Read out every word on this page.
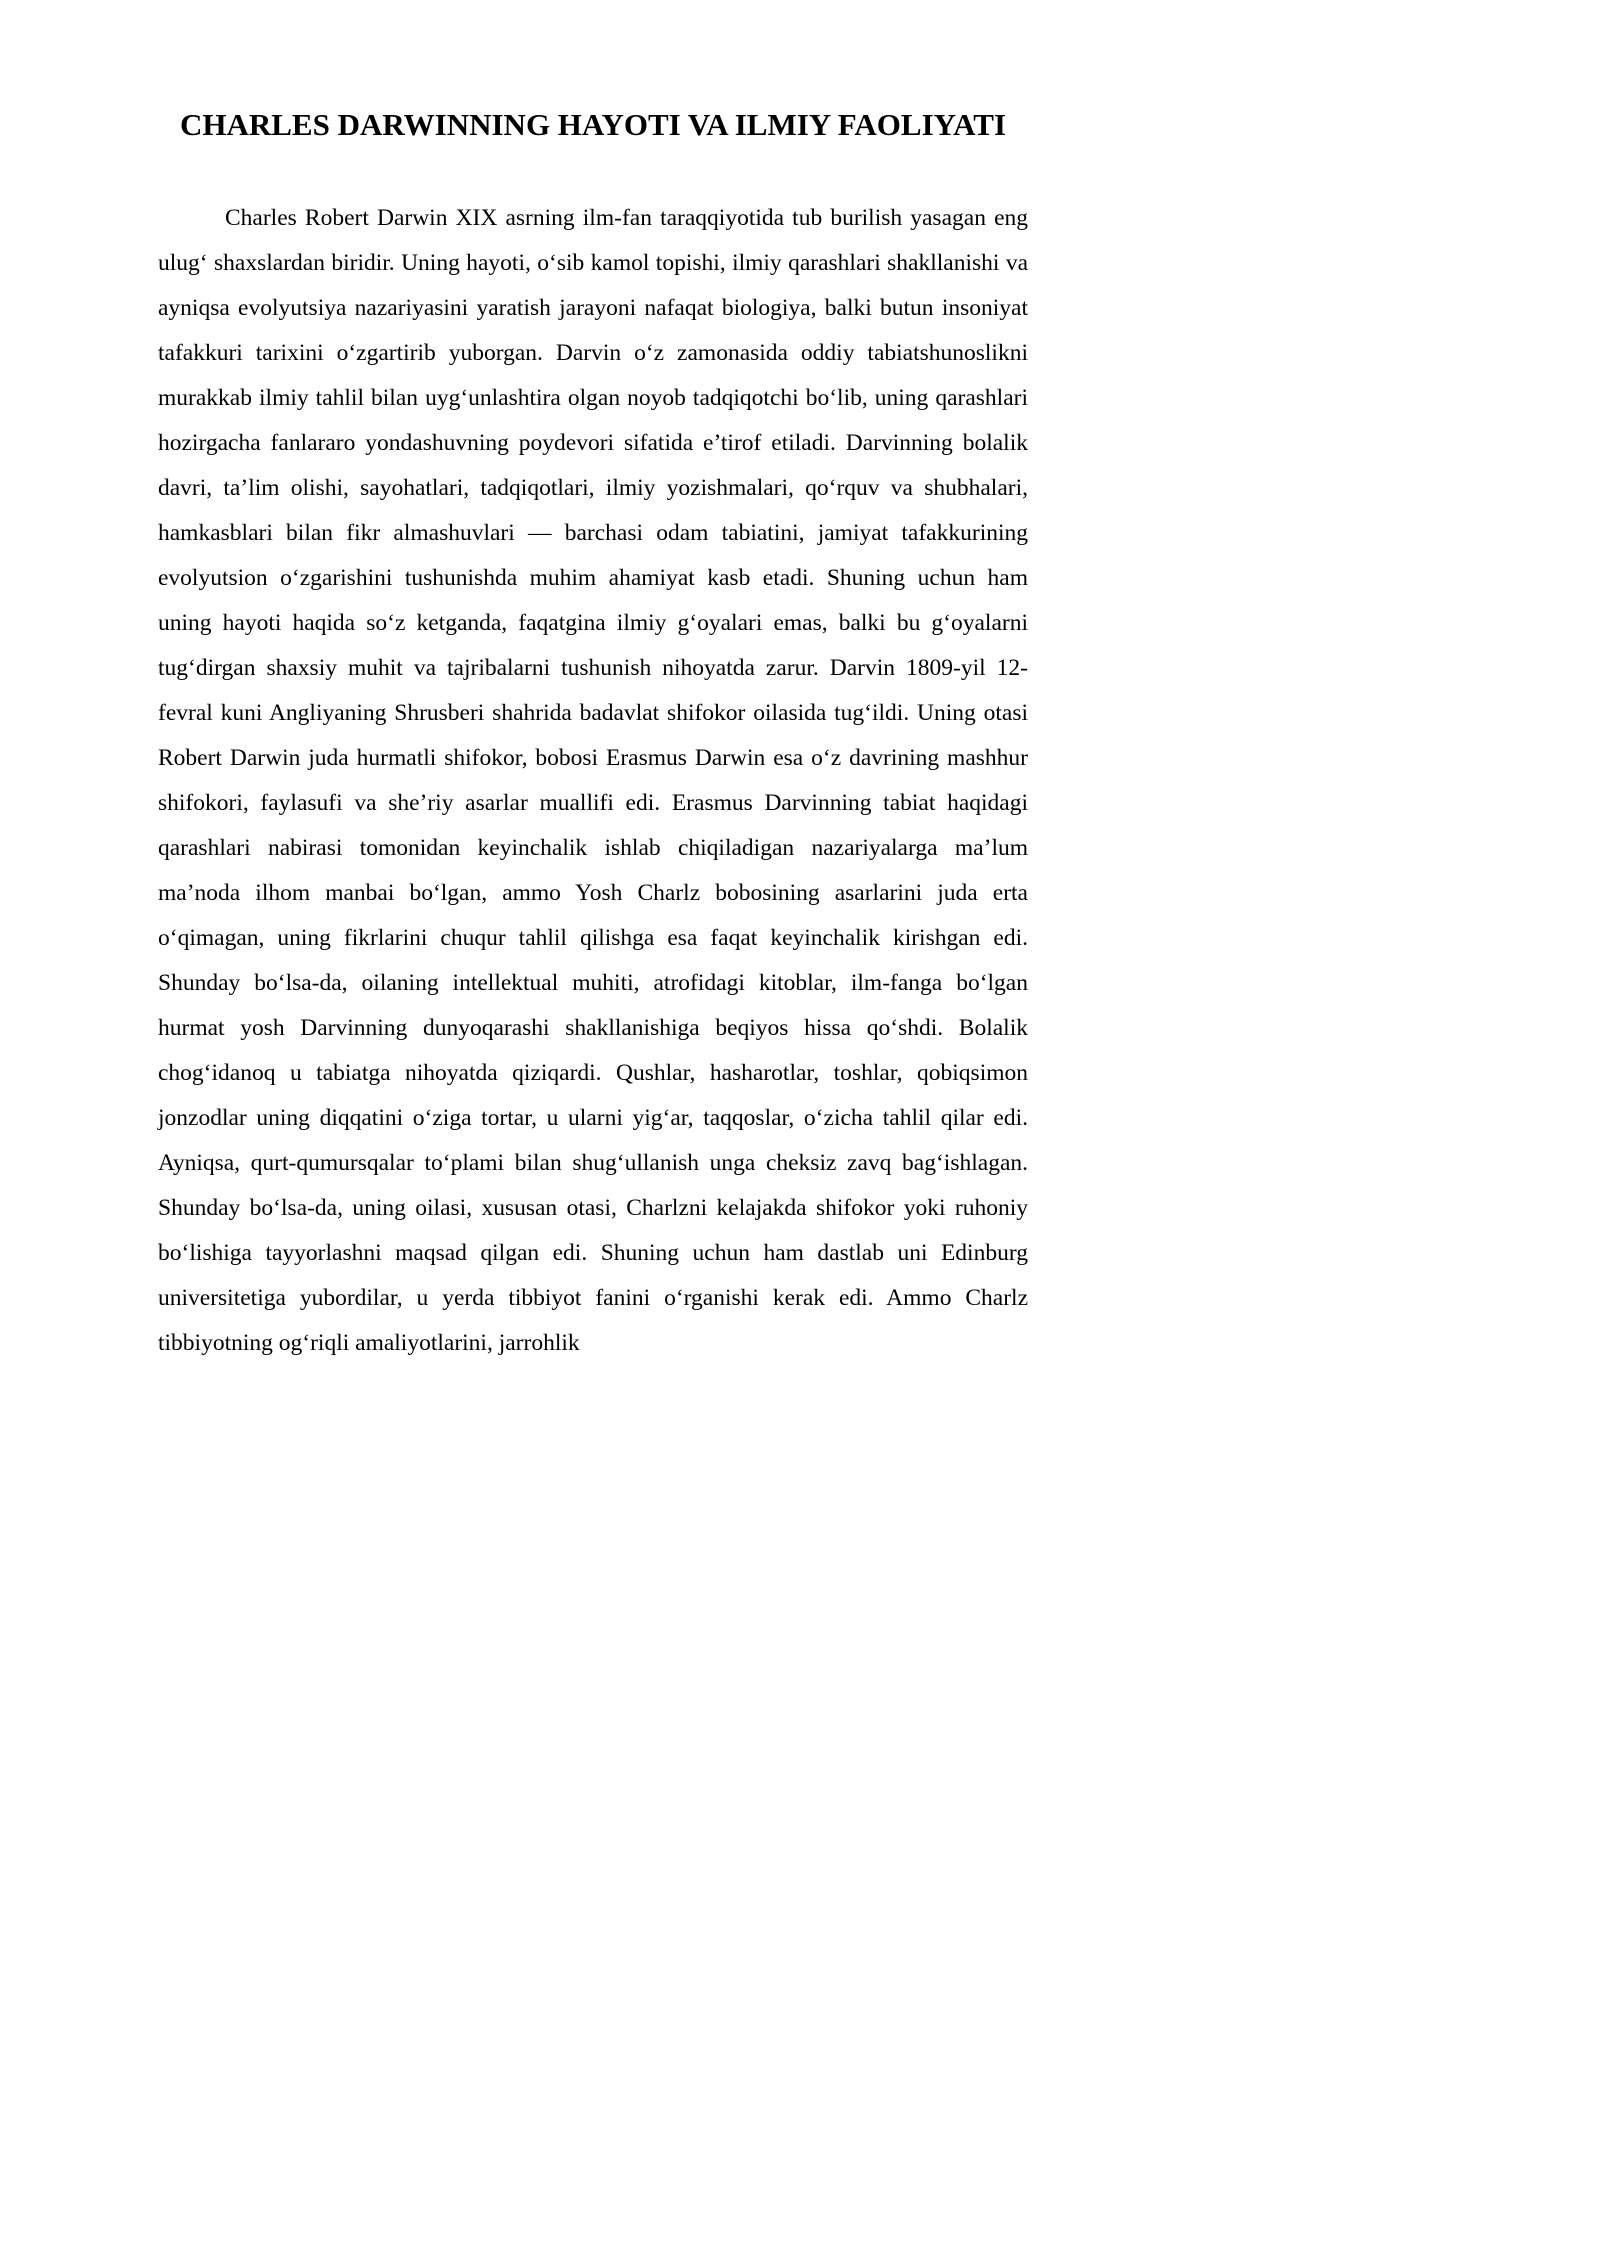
CHARLES DARWINNING HAYOTI VA ILMIY FAOLIYATI

Charles Robert Darwin XIX asrning ilm-fan taraqqiyotida tub burilish yasagan eng ulug‘ shaxslardan biridir. Uning hayoti, o‘sib kamol topishi, ilmiy qarashlari shakllanishi va ayniqsa evolyutsiya nazariyasini yaratish jarayoni nafaqat biologiya, balki butun insoniyat tafakkuri tarixini o‘zgartirib yuborgan. Darvin o‘z zamonasida oddiy tabiatshunoslikni murakkab ilmiy tahlil bilan uyg‘unlashtira olgan noyob tadqiqotchi bo‘lib, uning qarashlari hozirgacha fanlararo yondashuvning poydevori sifatida e’tirof etiladi. Darvinning bolalik davri, ta’lim olishi, sayohatlari, tadqiqotlari, ilmiy yozishmalari, qo‘rquv va shubhalari, hamkasblari bilan fikr almashuvlari — barchasi odam tabiatini, jamiyat tafakkurining evolyutsion o‘zgarishini tushunishda muhim ahamiyat kasb etadi. Shuning uchun ham uning hayoti haqida so‘z ketganda, faqatgina ilmiy g‘oyalari emas, balki bu g‘oyalarni tug‘dirgan shaxsiy muhit va tajribalarni tushunish nihoyatda zarur. Darvin 1809-yil 12-fevral kuni Angliyaning Shrusberi shahrida badavlat shifokor oilasida tug‘ildi. Uning otasi Robert Darwin juda hurmatli shifokor, bobosi Erasmus Darwin esa o‘z davrining mashhur shifokori, faylasufi va she’riy asarlar muallifi edi. Erasmus Darvinning tabiat haqidagi qarashlari nabirasi tomonidan keyinchalik ishlab chiqiladigan nazariyalarga ma’lum ma’noda ilhom manbai bo‘lgan, ammo Yosh Charlz bobosining asarlarini juda erta o‘qimagan, uning fikrlarini chuqur tahlil qilishga esa faqat keyinchalik kirishgan edi. Shunday bo‘lsa-da, oilaning intellektual muhiti, atrofidagi kitoblar, ilm-fanga bo‘lgan hurmat yosh Darvinning dunyoqarashi shakllanishiga beqiyos hissa qo‘shdi. Bolalik chog‘idanoq u tabiatga nihoyatda qiziqardi. Qushlar, hasharotlar, toshlar, qobiqsimon jonzodlar uning diqqatini o‘ziga tortar, u ularni yig‘ar, taqqoslar, o‘zicha tahlil qilar edi. Ayniqsa, qurt-qumursqalar to‘plami bilan shug‘ullanish unga cheksiz zavq bag‘ishlagan. Shunday bo‘lsa-da, uning oilasi, xususan otasi, Charlzni kelajakda shifokor yoki ruhoniy bo‘lishiga tayyorlashni maqsad qilgan edi. Shuning uchun ham dastlab uni Edinburg universitetiga yubordilar, u yerda tibbiyot fanini o‘rganishi kerak edi. Ammo Charlz tibbiyotning og‘riqli amaliyotlarini, jarrohlik
